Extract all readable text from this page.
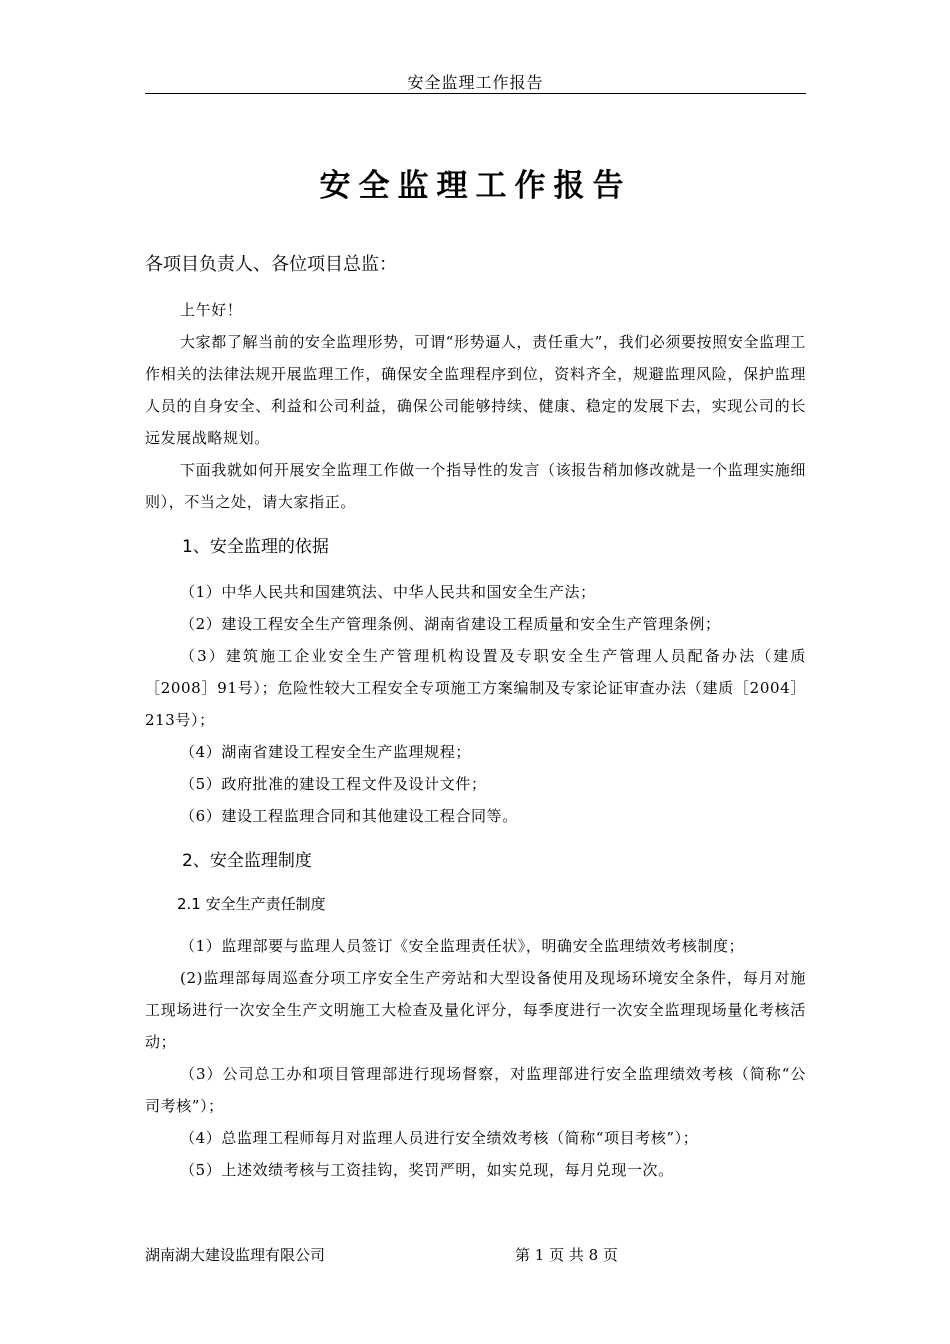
安全监理工作报告
安全监理工作报告
各项目负责人、各位项目总监：

上午好！

大家都了解当前的安全监理形势，可谓“形势逼人，责任重大”，我们必须要按照安全监理工作相关的法律法规开展监理工作，确保安全监理程序到位，资料齐全，规避监理风险，保护监理人员的自身安全、利益和公司利益，确保公司能够持续、健康、稳定的发展下去，实现公司的长远发展战略规划。

下面我就如何开展安全监理工作做一个指导性的发言（该报告稍加修改就是一个监理实施细则），不当之处，请大家指正。

1、安全监理的依据

（1）中华人民共和国建筑法、中华人民共和国安全生产法；

（2）建设工程安全生产管理条例、湖南省建设工程质量和安全生产管理条例；

（3）建筑施工企业安全生产管理机构设置及专职安全生产管理人员配备办法（建质［2008］91号）；危险性较大工程安全专项施工方案编制及专家论证审查办法（建质［2004］213号）；

（4）湖南省建设工程安全生产监理规程；

（5）政府批准的建设工程文件及设计文件；

（6）建设工程监理合同和其他建设工程合同等。

2、安全监理制度
2.1 安全生产责任制度

（1）监理部要与监理人员签订《安全监理责任状》，明确安全监理绩效考核制度；

(2)监理部每周巡查分项工序安全生产旁站和大型设备使用及现场环境安全条件，每月对施工现场进行一次安全生产文明施工大检查及量化评分，每季度进行一次安全监理现场量化考核活动；

（3）公司总工办和项目管理部进行现场督察，对监理部进行安全监理绩效考核（简称“公司考核”）；

（4）总监理工程师每月对监理人员进行安全绩效考核（简称“项目考核”）；

（5）上述效绩考核与工资挂钩，奖罚严明，如实兑现，每月兑现一次。

湖南湖大建设监理有限公司	第 1 页 共 8 页
